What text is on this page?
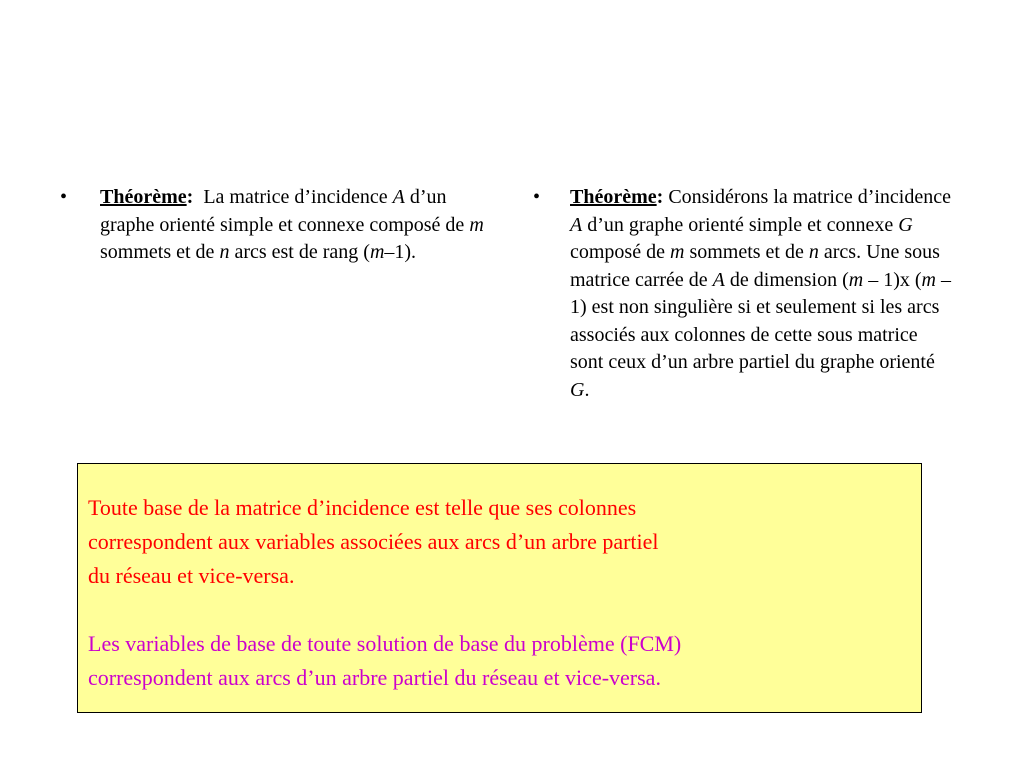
• Théorème:  La matrice d’incidence A d’un graphe orienté simple et connexe composé de m sommets et de n arcs est de rang (m–1).
• Théorème: Considérons la matrice d’incidence A d’un graphe orienté simple et connexe G composé de m sommets et de n arcs. Une sous matrice carrée de A de dimension (m – 1)x (m – 1) est non singulière si et seulement si les arcs associés aux colonnes de cette sous matrice sont ceux d’un arbre partiel du graphe orienté G.

Toute base de la matrice d’incidence est telle que ses colonnes
correspondent aux variables associées aux arcs d’un arbre partiel
du réseau et vice-versa.

Les variables de base de toute solution de base du problème (FCM)
correspondent aux arcs d’un arbre partiel du réseau et vice-versa.
